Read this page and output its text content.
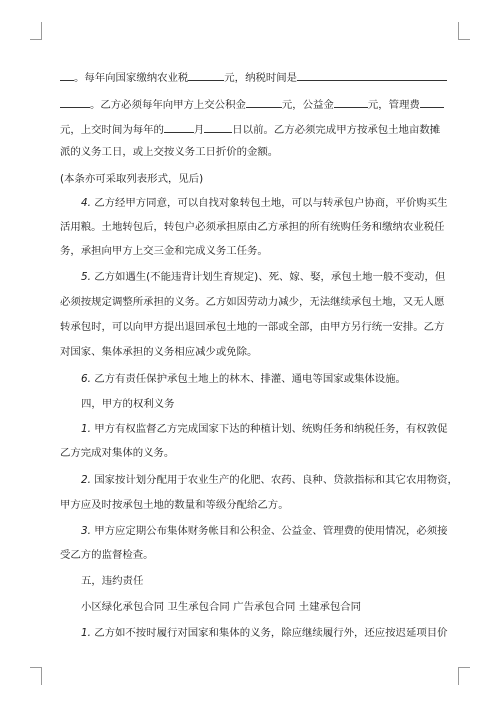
。每年向国家缴纳农业税	元，纳税时间是
。乙方必须每年向甲方上交公积金	元，公益金	元，管理费
元，上交时间为每年的	月	日以前。乙方必须完成甲方按承包土地亩数摊
派的义务工日，或上交按义务工日折价的金额。
(本条亦可采取列表形式，见后)
4. 乙方经甲方同意，可以自找对象转包土地，可以与转承包户协商，平价购买生
活用粮。土地转包后，转包户必须承担原由乙方承担的所有统购任务和缴纳农业税任
务，承担向甲方上交三金和完成义务工任务。
5. 乙方如遇生(不能违背计划生育规定)、死、嫁、娶，承包土地一般不变动，但
必须按规定调整所承担的义务。乙方如因劳动力减少，无法继续承包土地，又无人愿
转承包时，可以向甲方提出退回承包土地的一部或全部，由甲方另行统一安排。乙方
对国家、集体承担的义务相应减少或免除。
6. 乙方有责任保护承包土地上的林木、排灌、通电等国家或集体设施。
四，甲方的权利义务
1. 甲方有权监督乙方完成国家下达的种植计划、统购任务和纳税任务，有权敦促
乙方完成对集体的义务。
2. 国家按计划分配用于农业生产的化肥、农药、良种、贷款指标和其它农用物资，
甲方应及时按承包土地的数量和等级分配给乙方。
3. 甲方应定期公布集体财务帐目和公积金、公益金、管理费的使用情况，必须接
受乙方的监督检查。
五，违约责任
小区绿化承包合同 卫生承包合同 广告承包合同 土建承包合同
1. 乙方如不按时履行对国家和集体的义务，除应继续履行外，还应按迟延项目价
